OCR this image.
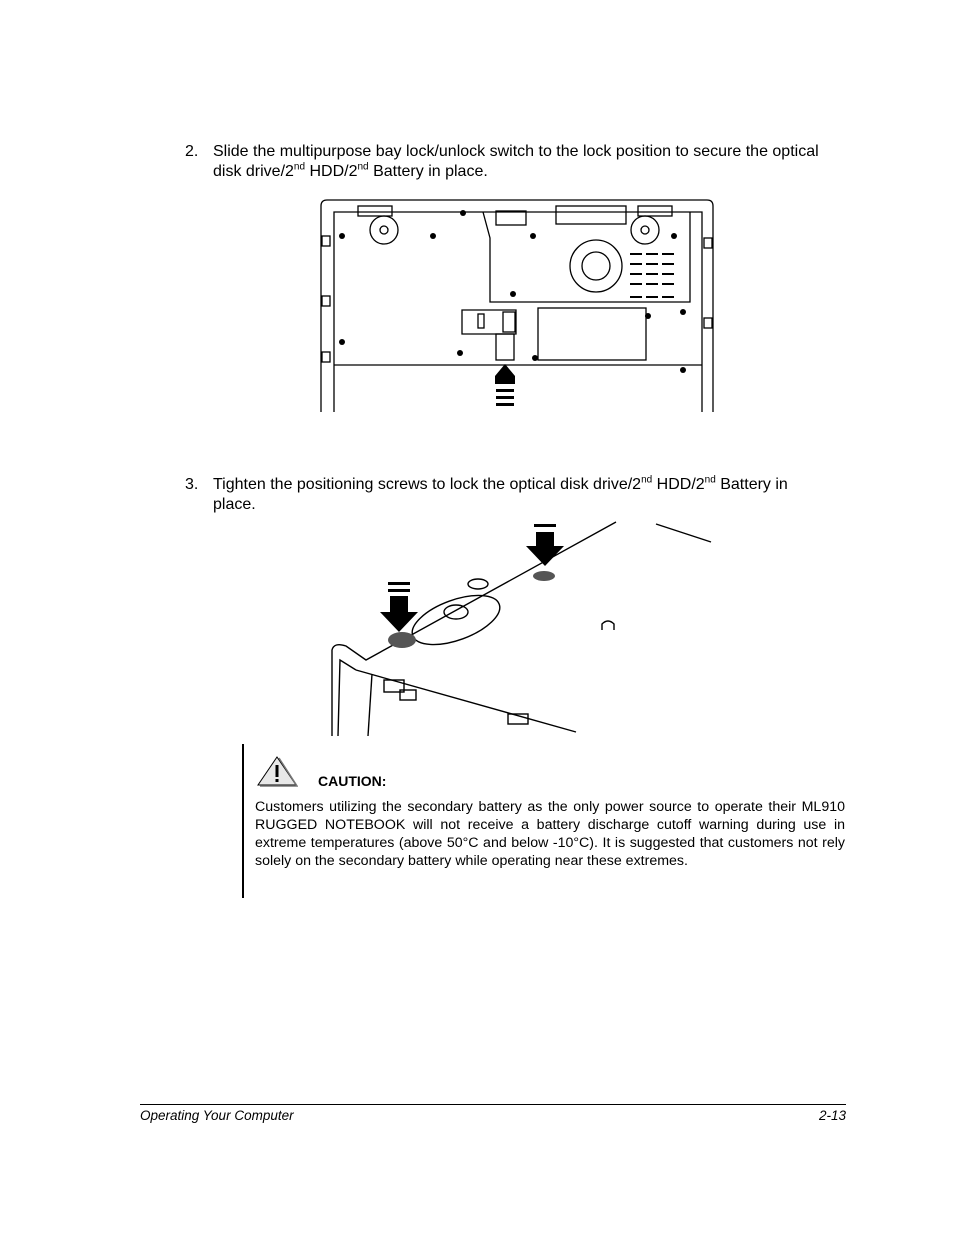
2. Slide the multipurpose bay lock/unlock switch to the lock position to secure the optical disk drive/2nd HDD/2nd Battery in place.
3. Tighten the positioning screws to lock the optical disk drive/2nd HDD/2nd Battery in place.
CAUTION:
Customers utilizing the secondary battery as the only power source to operate their ML910 RUGGED NOTEBOOK will not receive a battery discharge cutoff warning during use in extreme temperatures (above 50°C and below -10°C). It is suggested that customers not rely solely on the secondary battery while operating near these extremes.
Operating Your Computer	2-13
